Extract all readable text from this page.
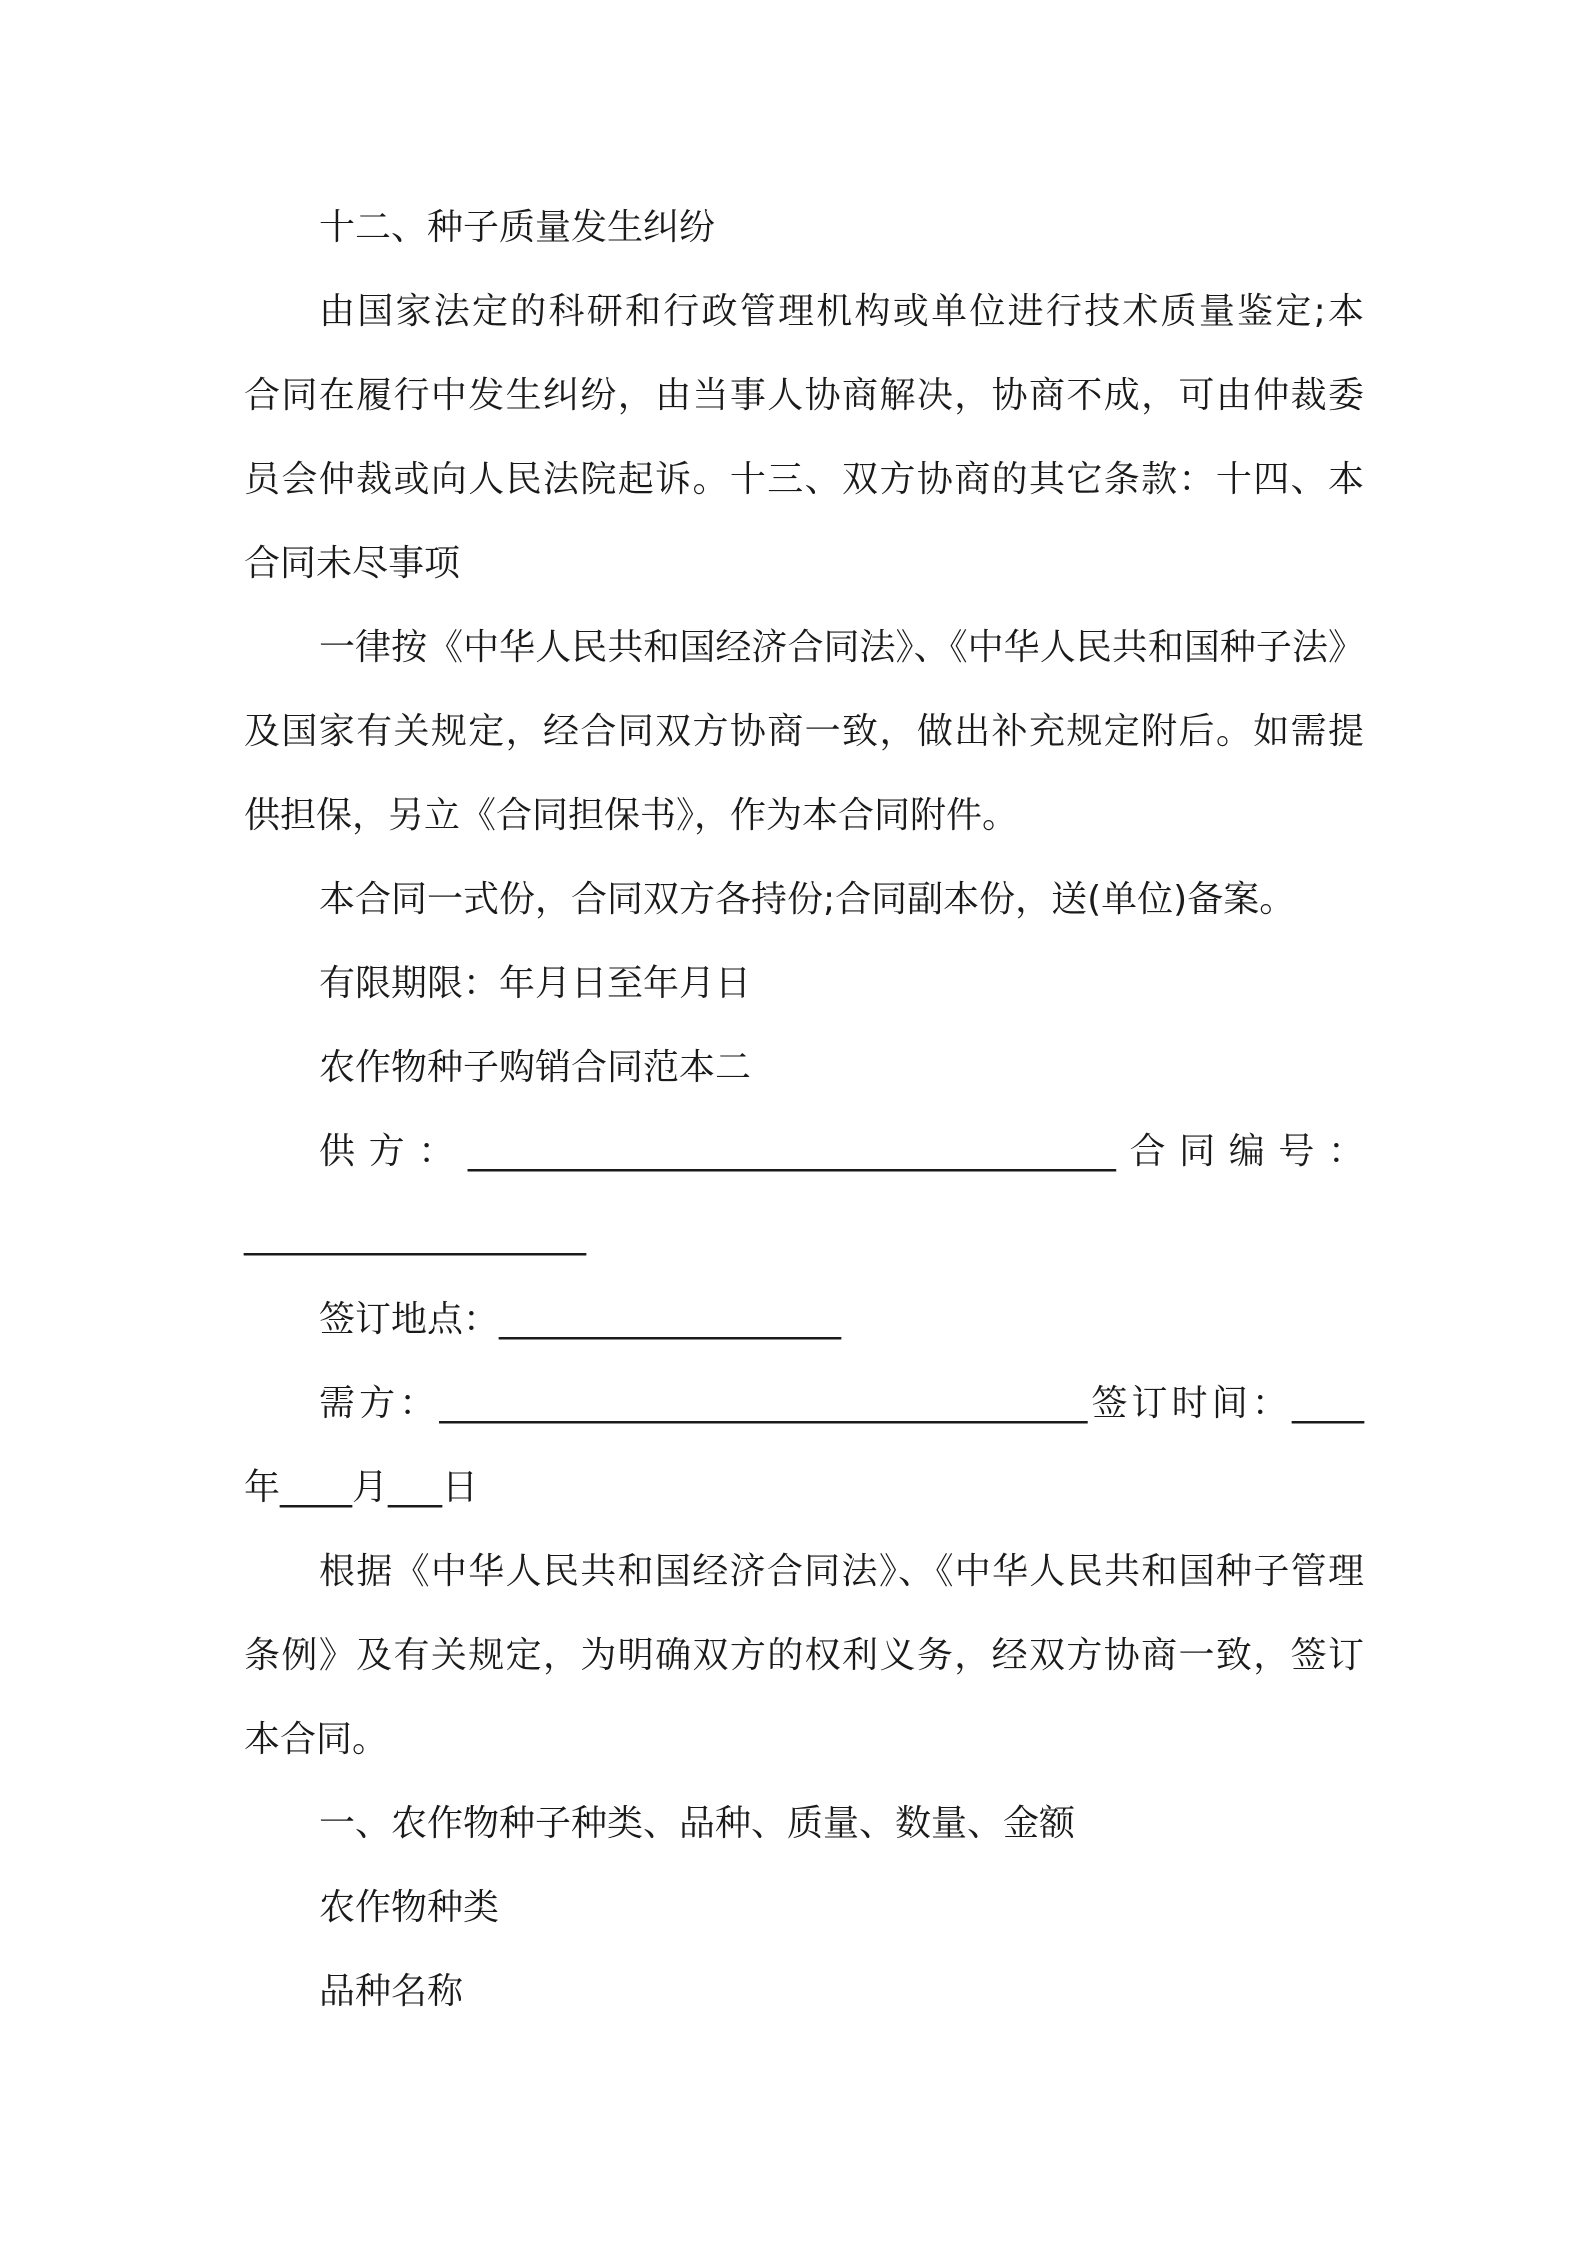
十二、种子质量发生纠纷
由国家法定的科研和行政管理机构或单位进行技术质量鉴定;本
合同在履行中发生纠纷，由当事人协商解决，协商不成，可由仲裁委
员会仲裁或向人民法院起诉。十三、双方协商的其它条款：十四、本
合同未尽事项
一律按《中华人民共和国经济合同法》、《中华人民共和国种子法》
及国家有关规定，经合同双方协商一致，做出补充规定附后。如需提
供担保，另立《合同担保书》，作为本合同附件。
本合同一式份，合同双方各持份;合同副本份，送(单位)备案。
有限期限：年月日至年月日
农作物种子购销合同范本二
供方：____________________________________合同编号：
___________________
签订地点：___________________
需方：____________________________________签订时间：____
年____月___日
根据《中华人民共和国经济合同法》、《中华人民共和国种子管理
条例》及有关规定，为明确双方的权利义务，经双方协商一致，签订
本合同。
一、农作物种子种类、品种、质量、数量、金额
农作物种类
品种名称
